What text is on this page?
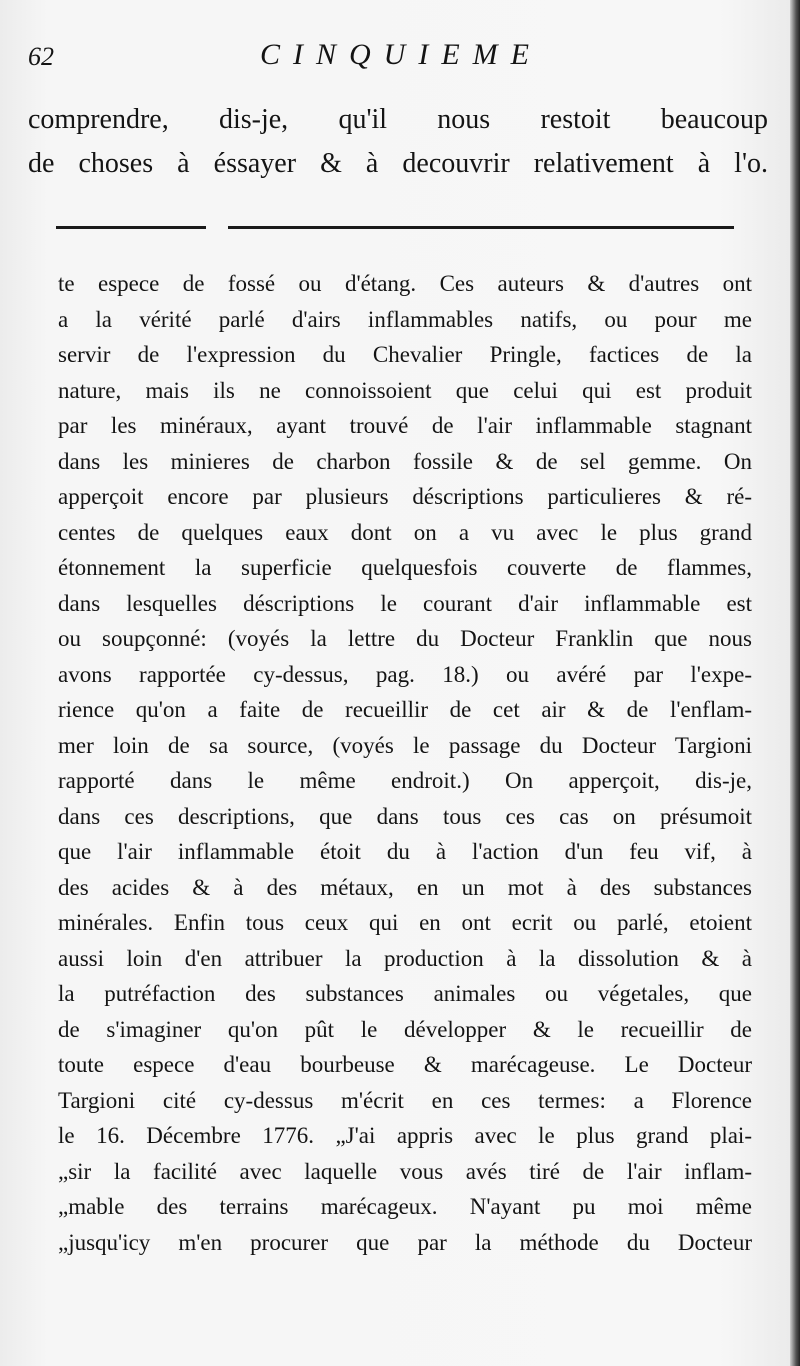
62	CINQUIEME
comprendre, dis-je, qu'il nous restoit beaucoup
de choses à éssayer & à decouvrir relativement à l'o.
te espece de fossé ou d'étang. Ces auteurs & d'autres ont
a la vérité parlé d'airs inflammables natifs, ou pour me
servir de l'expression du Chevalier Pringle, factices de la
nature, mais ils ne connoissoient que celui qui est produit
par les minéraux, ayant trouvé de l'air inflammable stagnant
dans les minieres de charbon fossile & de sel gemme. On
apperçoit encore par plusieurs déscriptions particulieres & ré-
centes de quelques eaux dont on a vu avec le plus grand
étonnement la superficie quelquesfois couverte de flammes,
dans lesquelles déscriptions le courant d'air inflammable est
ou soupçonné: (voyés la lettre du Docteur Franklin que nous
avons rapportée cy-dessus, pag. 18.) ou avéré par l'expe-
rience qu'on a faite de recueillir de cet air & de l'enflam-
mer loin de sa source, (voyés le passage du Docteur Targioni
rapporté dans le même endroit.) On apperçoit, dis-je,
dans ces descriptions, que dans tous ces cas on présumoit
que l'air inflammable étoit du à l'action d'un feu vif, à
des acides & à des métaux, en un mot à des substances
minérales. Enfin tous ceux qui en ont ecrit ou parlé, etoient
aussi loin d'en attribuer la production à la dissolution & à
la putréfaction des substances animales ou végetales, que
de s'imaginer qu'on pût le développer & le recueillir de
toute espece d'eau bourbeuse & marécageuse. Le Docteur
Targioni cité cy-dessus m'écrit en ces termes: a Florence
le 16. Décembre 1776. „J'ai appris avec le plus grand plai-
„sir la facilité avec laquelle vous avés tiré de l'air inflam-
„mable des terrains marécageux. N'ayant pu moi même
„jusqu'icy m'en procurer que par la méthode du Docteur
